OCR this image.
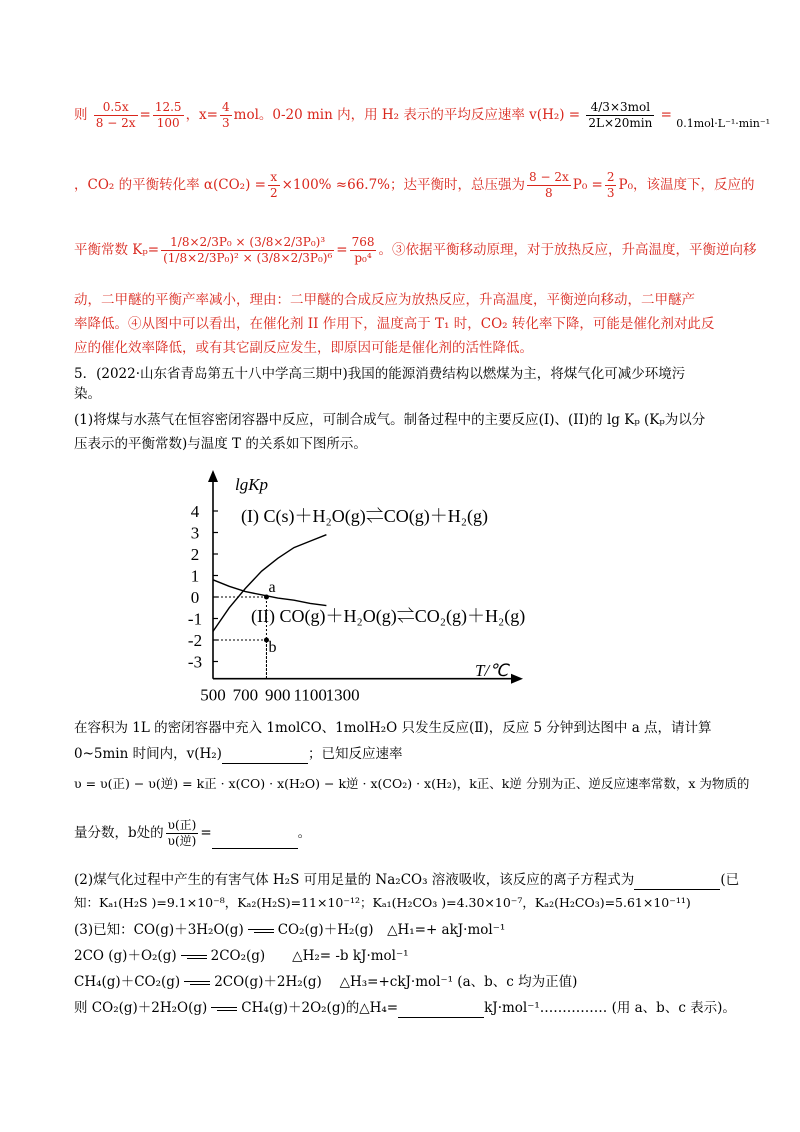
则 $\frac{0.5x}{8 - 2x} = \frac{12.5}{100}$ ，$x= \frac{4}{3}$ mol。0-20 min 内，用 H₂ 表示的平均反应速率 $v(H_2) = \frac{\text{4/3×3mol}}{2L\times 20\min} = _{0.1mol\cdot L^{-1}\cdot min^{-1}}$
，CO₂ 的平衡转化率 $\alpha(CO_2) = \frac{x}{2} \times 100\% \approx 66.7\%$；达平衡时，总压强为 $\frac{8 - 2x}{8} P_0 = \frac{2}{3} P_0$，该温度下，反应的
平衡常数 $K_p= \frac{\text{1/8×2/3P₀ × (3/8×2/3P₀)³}}{\text{(1/8×2/3P₀)² × (3/8×2/3P₀)⁶}} = \frac{768}{\text{p₀⁴}}$ 。③依据平衡移动原理，对于放热反应，升高温度，平衡逆向移
动，二甲醚的平衡产率减小，理由：二甲醚的合成反应为放热反应，升高温度，平衡逆向移动，二甲醚产
率降低。④从图中可以看出，在催化剂 II 作用下，温度高于 T₁ 时，CO₂ 转化率下降，可能是催化剂对此反
应的催化效率降低，或有其它副反应发生，即原因可能是催化剂的活性降低。
5．(2022·山东省青岛第五十八中学高三期中)我国的能源消费结构以燃煤为主，将煤气化可减少环境污
染。
(1)将煤与水蒸气在恒容密闭容器中反应，可制合成气。制备过程中的主要反应(I)、(II)的 lg Kₚ (Kₚ为以分
压表示的平衡常数)与温度 T 的关系如下图所示。
4
3
2
1
0
-1
-2
-3
500 700 900 1100
1300
a
b
lgKp
T/℃
(I) C(s)＋H₂O(g)⇌CO(g)＋H₂(g)
(II) CO(g)＋H₂O(g)⇌CO₂(g)＋H₂(g)
在容积为 1L 的密闭容器中充入 1molCO、1molH₂O 只发生反应(Ⅱ)，反应 5 分钟到达图中 a 点，请计算
0~5min 时间内，v(H₂)	；已知反应速率
υ = υ(正) − υ(逆) = k正 · x(CO) · x(H₂O) − k逆 · x(CO₂) · x(H₂)，k正、k逆 分别为正、逆反应速率常数，x 为物质的
量分数，b处的 $\frac{\text{υ(正)}}{\text{υ(逆)}}$ =	。
(2)煤气化过程中产生的有害气体 H₂S 可用足量的 Na₂CO₃ 溶液吸收，该反应的离子方程式为	(已
知：Kₐ₁(H₂S )=9.1×10⁻⁸，Kₐ₂(H₂S)=11×10⁻¹²；Kₐ₁(H₂CO₃ )=4.30×10⁻⁷，Kₐ₂(H₂CO₃)=5.61×10⁻¹¹)
(3)已知：CO(g)＋3H₂O(g)	CO₂(g)＋H₂(g)　△H₁=+ akJ·mol⁻¹
2CO (g)＋O₂(g)	2CO₂(g)　　△H₂= -b kJ·mol⁻¹
CH₄(g)＋CO₂(g)	2CO(g)＋2H₂(g)　 △H₃=+ckJ·mol⁻¹ (a、b、c 均为正值)
则 CO₂(g)＋2H₂O(g)	CH₄(g)＋2O₂(g)的△H₄=	kJ·mol⁻¹…………… (用 a、b、c 表示)。
